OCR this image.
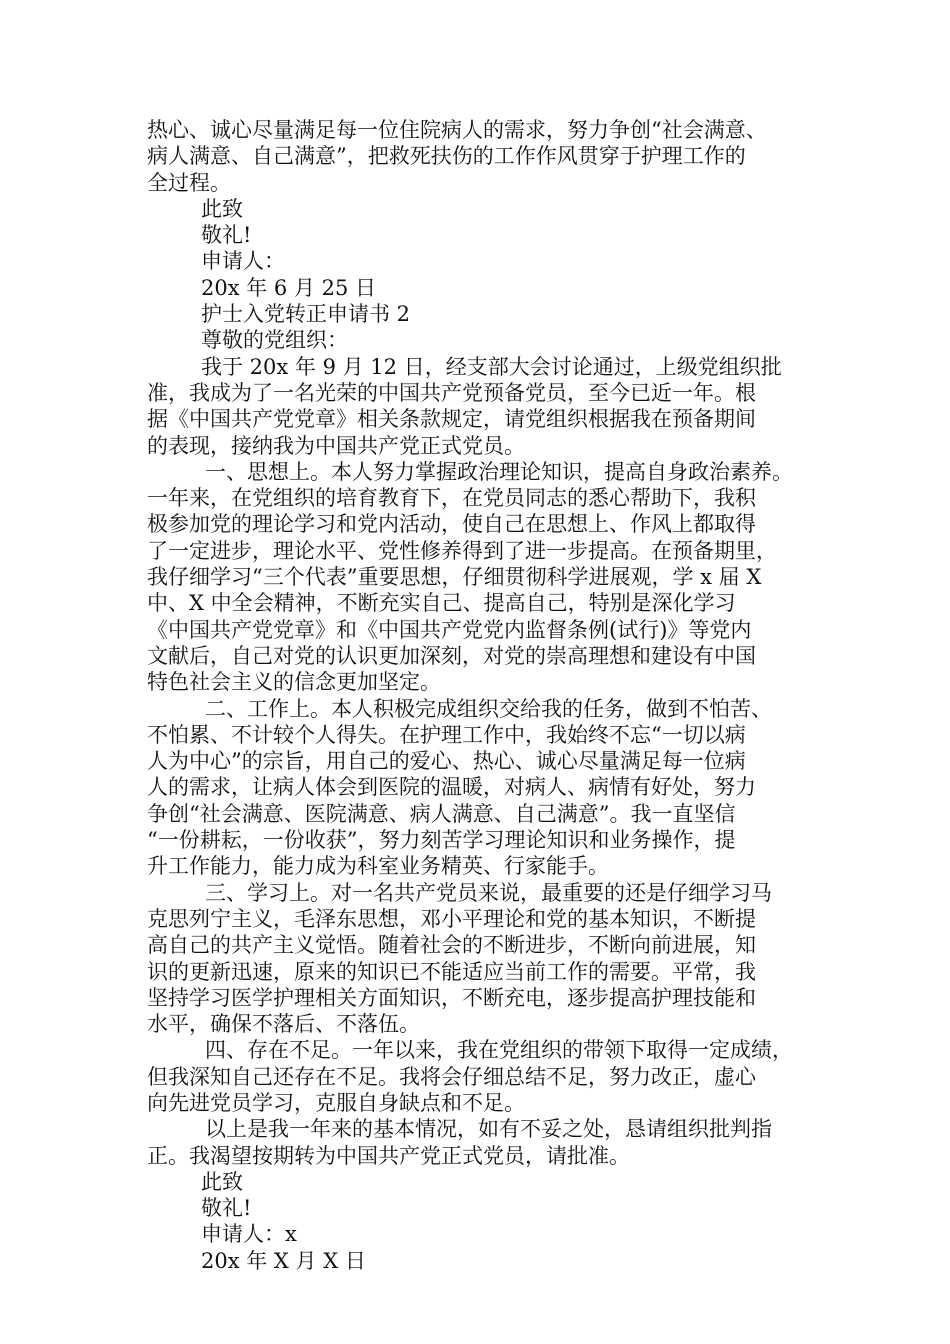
热心、诚心尽量满足每一位住院病人的需求，努力争创“社会满意、
病人满意、自己满意”，把救死扶伤的工作作风贯穿于护理工作的
全过程。
此致
敬礼!
申请人：
20x 年 6 月 25 日
护士入党转正申请书 2
尊敬的党组织：
我于 20x 年 9 月 12 日，经支部大会讨论通过，上级党组织批
准，我成为了一名光荣的中国共产党预备党员，至今已近一年。根
据《中国共产党党章》相关条款规定，请党组织根据我在预备期间
的表现，接纳我为中国共产党正式党员。
一、思想上。本人努力掌握政治理论知识，提高自身政治素养。
一年来，在党组织的培育教育下，在党员同志的悉心帮助下，我积
极参加党的理论学习和党内活动，使自己在思想上、作风上都取得
了一定进步，理论水平、党性修养得到了进一步提高。在预备期里，
我仔细学习“三个代表”重要思想，仔细贯彻科学进展观，学 x 届 X
中、X 中全会精神，不断充实自己、提高自己，特别是深化学习
《中国共产党党章》和《中国共产党党内监督条例(试行)》等党内
文献后，自己对党的认识更加深刻，对党的崇高理想和建设有中国
特色社会主义的信念更加坚定。
二、工作上。本人积极完成组织交给我的任务，做到不怕苦、
不怕累、不计较个人得失。在护理工作中，我始终不忘“一切以病
人为中心”的宗旨，用自己的爱心、热心、诚心尽量满足每一位病
人的需求，让病人体会到医院的温暖，对病人、病情有好处，努力
争创“社会满意、医院满意、病人满意、自己满意”。我一直坚信
“一份耕耘，一份收获”，努力刻苦学习理论知识和业务操作，提
升工作能力，能力成为科室业务精英、行家能手。
三、学习上。对一名共产党员来说，最重要的还是仔细学习马
克思列宁主义，毛泽东思想，邓小平理论和党的基本知识，不断提
高自己的共产主义觉悟。随着社会的不断进步，不断向前进展，知
识的更新迅速，原来的知识已不能适应当前工作的需要。平常，我
坚持学习医学护理相关方面知识，不断充电，逐步提高护理技能和
水平，确保不落后、不落伍。
四、存在不足。一年以来，我在党组织的带领下取得一定成绩，
但我深知自己还存在不足。我将会仔细总结不足，努力改正，虚心
向先进党员学习，克服自身缺点和不足。
以上是我一年来的基本情况，如有不妥之处，恳请组织批判指
正。我渴望按期转为中国共产党正式党员，请批准。
此致
敬礼!
申请人：x
20x 年 X 月 X 日
